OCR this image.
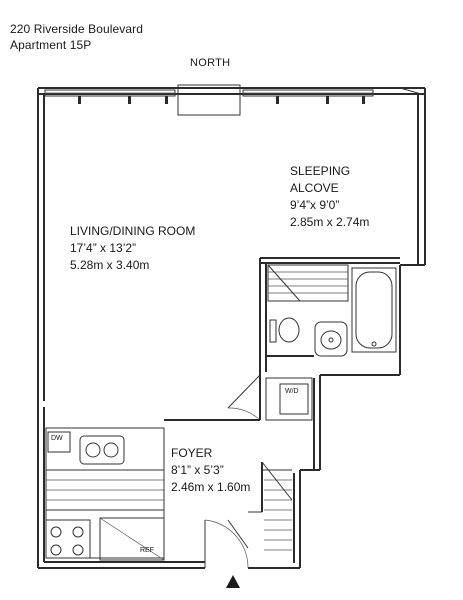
220 Riverside Boulevard
Apartment 15P
NORTH
DW
W/D
REF
LIVING/DINING ROOM
17’4” x 13’2”
5.28m x 3.40m
SLEEPING
ALCOVE
9’4”x 9’0”
2.85m x 2.74m
FOYER
8’1” x 5’3”
2.46m x 1.60m
